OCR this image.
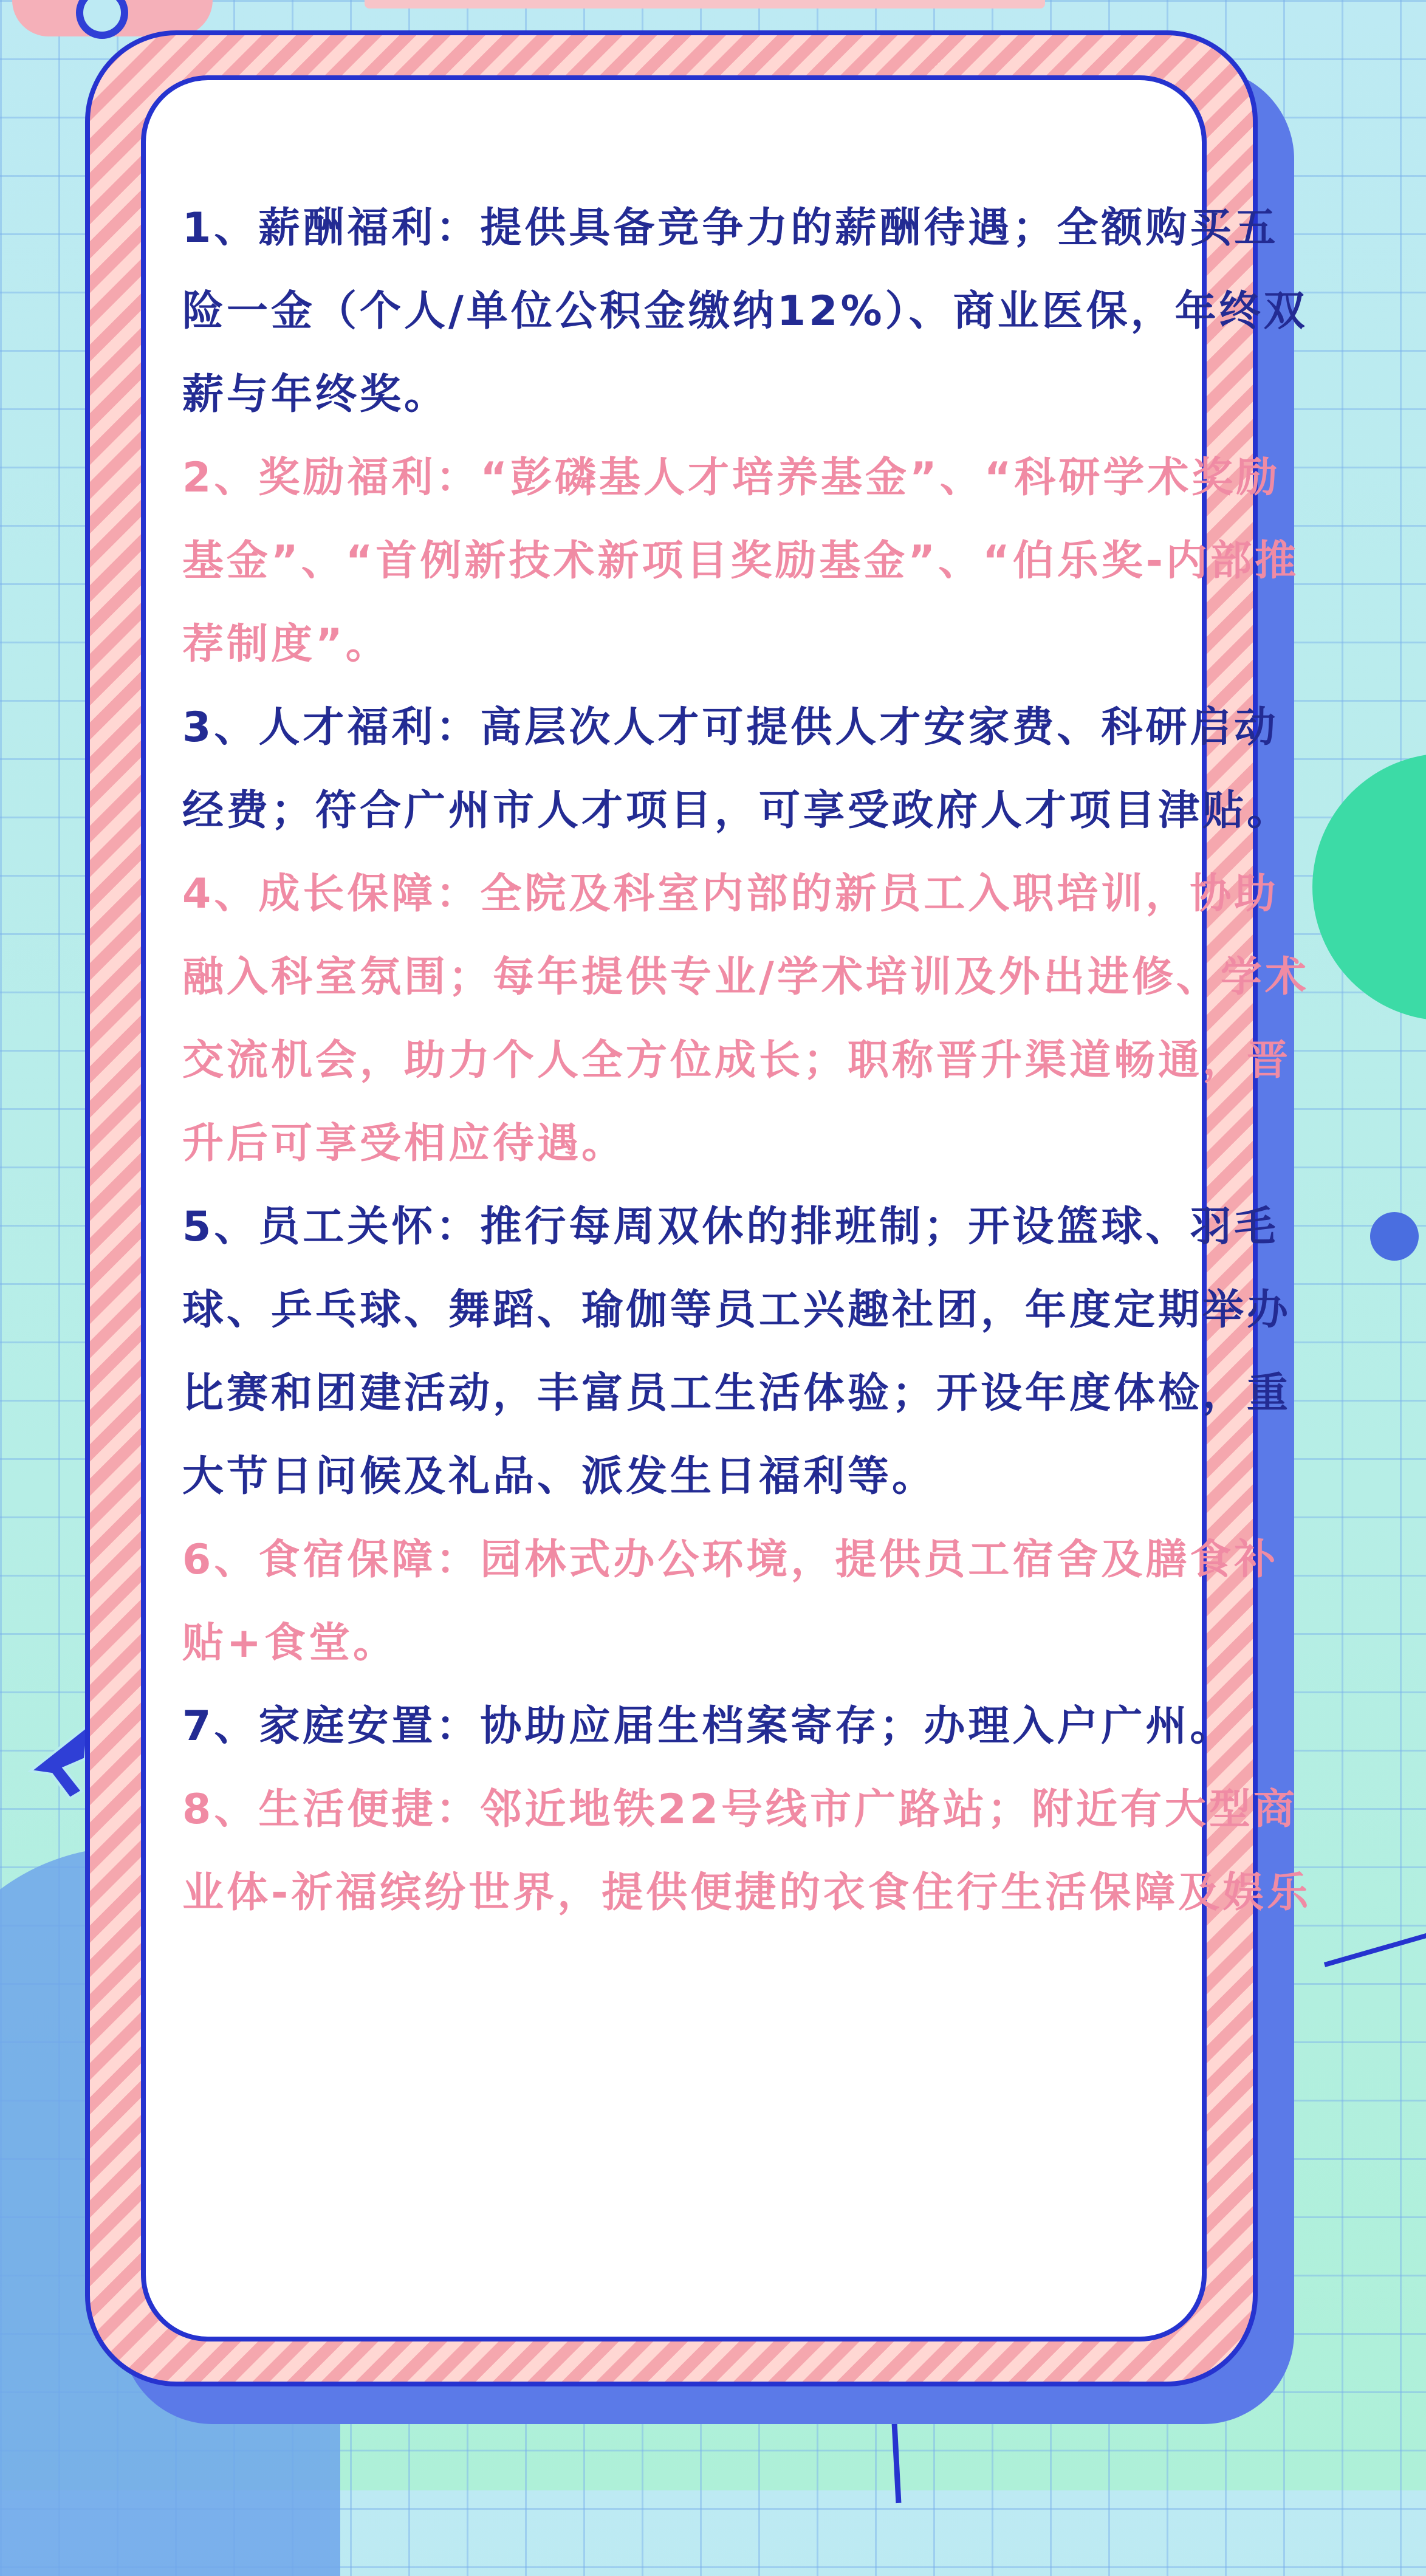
1、薪酬福利：提供具备竞争力的薪酬待遇；全额购买五险一金（个人/单位公积金缴纳12%）、商业医保，年终双薪与年终奖。

2、奖励福利：“彭磷基人才培养基金”、“科研学术奖励基金”、“首例新技术新项目奖励基金”、“伯乐奖-内部推荐制度”。

3、人才福利：高层次人才可提供人才安家费、科研启动经费；符合广州市人才项目，可享受政府人才项目津贴。

4、成长保障：全院及科室内部的新员工入职培训，协助融入科室氛围；每年提供专业/学术培训及外出进修、学术交流机会，助力个人全方位成长；职称晋升渠道畅通，晋升后可享受相应待遇。

5、员工关怀：推行每周双休的排班制；开设篮球、羽毛球、乒乓球、舞蹈、瑜伽等员工兴趣社团，年度定期举办比赛和团建活动，丰富员工生活体验；开设年度体检，重大节日问候及礼品、派发生日福利等。

6、食宿保障：园林式办公环境，提供员工宿舍及膳食补贴+食堂。

7、家庭安置：协助应届生档案寄存；办理入户广州。

8、生活便捷：邻近地铁22号线市广路站；附近有大型商业体-祈福缤纷世界，提供便捷的衣食住行生活保障及娱乐
